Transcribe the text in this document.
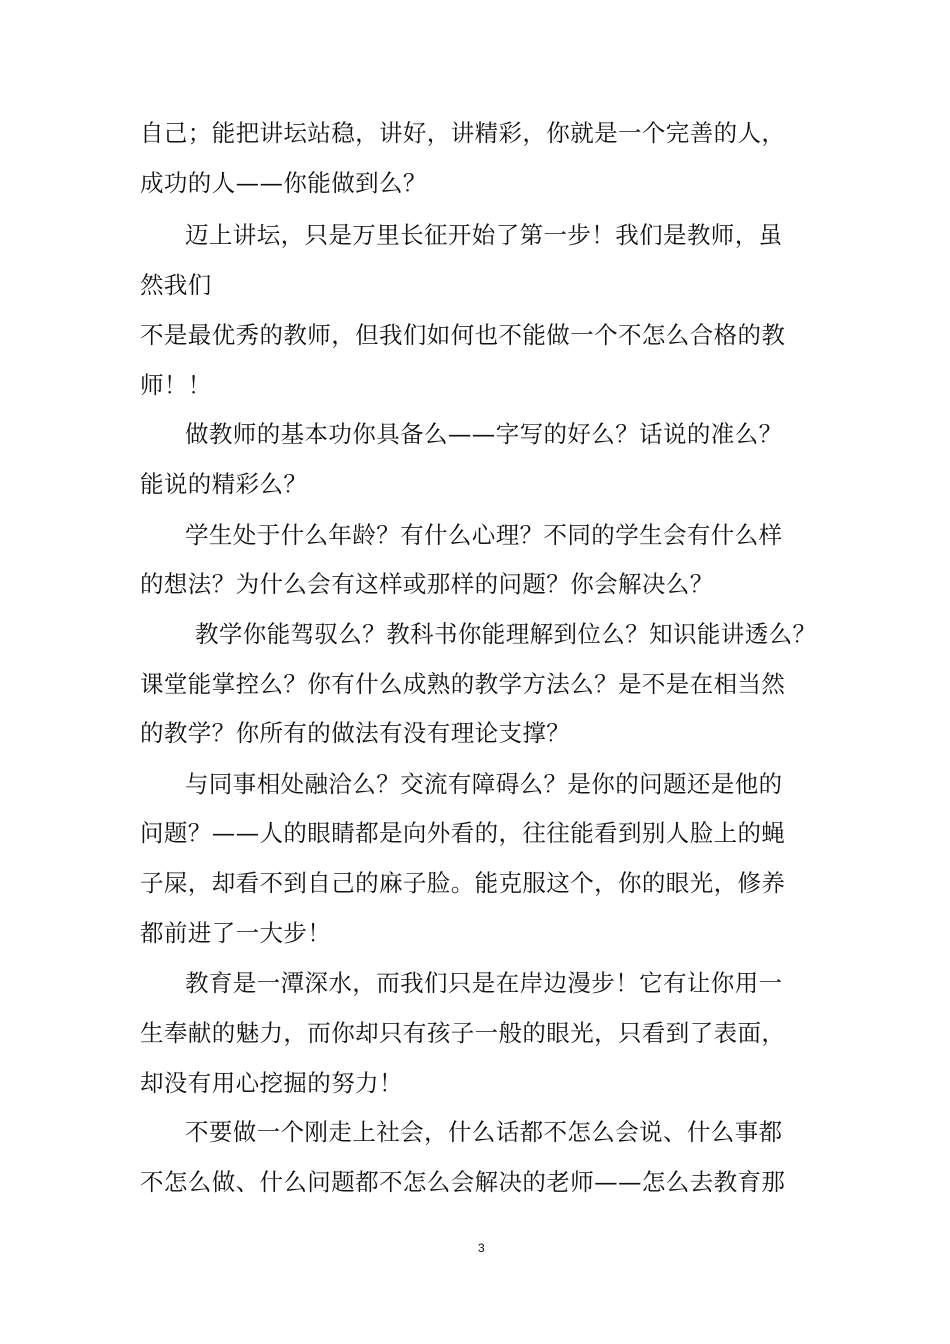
自己；能把讲坛站稳，讲好，讲精彩，你就是一个完善的人，
成功的人——你能做到么？
迈上讲坛，只是万里长征开始了第一步！我们是教师，虽
然我们
不是最优秀的教师，但我们如何也不能做一个不怎么合格的教
师！！
做教师的基本功你具备么——字写的好么？话说的准么？
能说的精彩么？
学生处于什么年龄？有什么心理？不同的学生会有什么样
的想法？为什么会有这样或那样的问题？你会解决么？
教学你能驾驭么？教科书你能理解到位么？知识能讲透么？
课堂能掌控么？你有什么成熟的教学方法么？是不是在相当然
的教学？你所有的做法有没有理论支撑？
与同事相处融洽么？交流有障碍么？是你的问题还是他的
问题？——人的眼睛都是向外看的，往往能看到别人脸上的蝇
子屎，却看不到自己的麻子脸。能克服这个，你的眼光，修养
都前进了一大步！
教育是一潭深水，而我们只是在岸边漫步！它有让你用一
生奉献的魅力，而你却只有孩子一般的眼光，只看到了表面，
却没有用心挖掘的努力！
不要做一个刚走上社会，什么话都不怎么会说、什么事都
不怎么做、什么问题都不怎么会解决的老师——怎么去教育那
3
